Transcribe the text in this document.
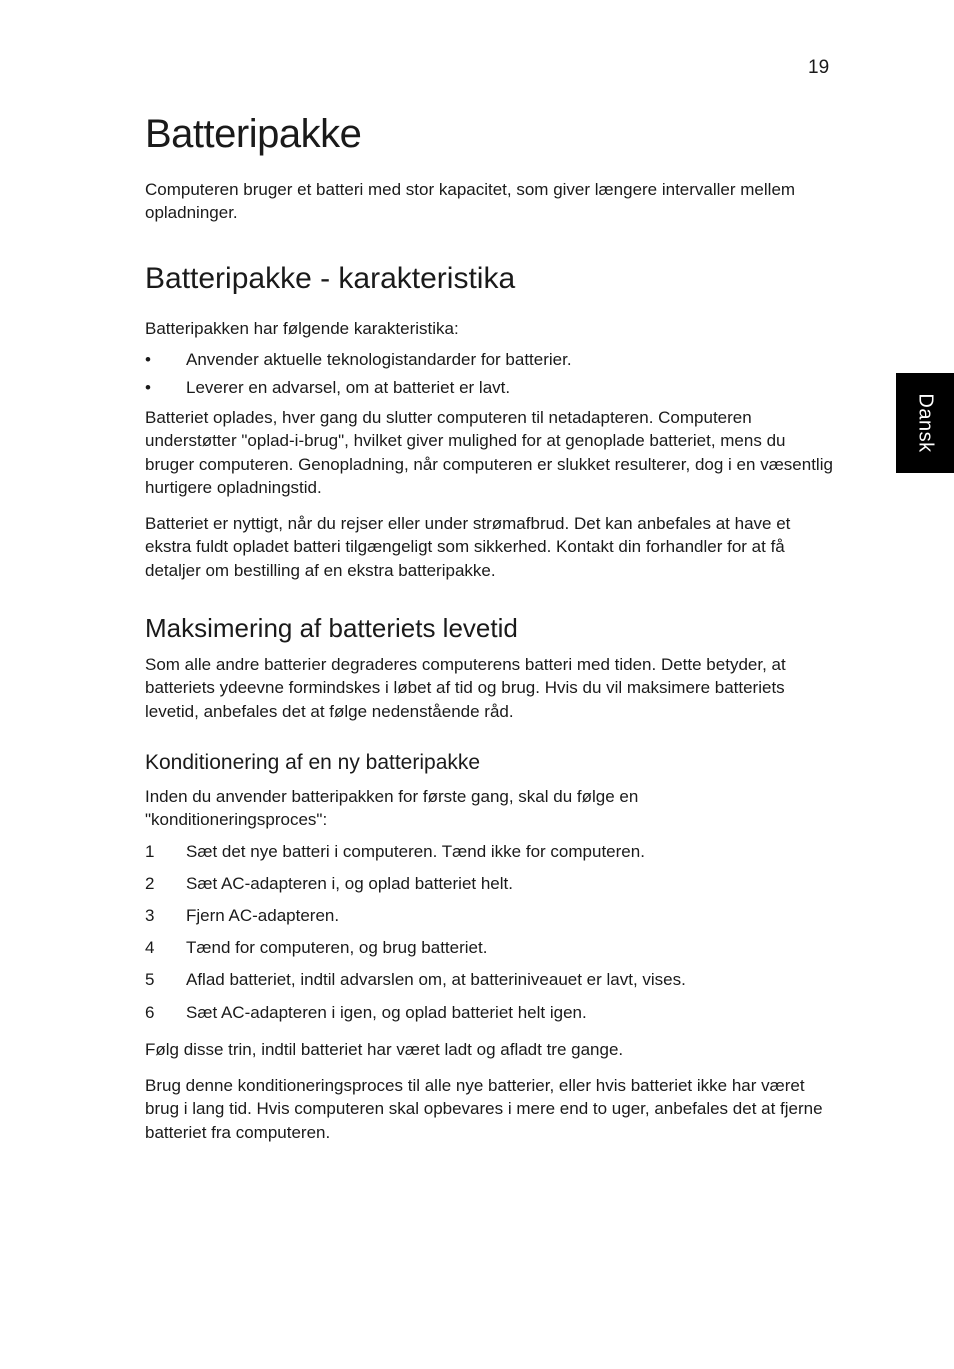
19
Dansk
Batteripakke

Computeren bruger et batteri med stor kapacitet, som giver længere intervaller mellem opladninger.

Batteripakke - karakteristika

Batteripakken har følgende karakteristika:

• Anvender aktuelle teknologistandarder for batterier.
• Leverer en advarsel, om at batteriet er lavt.

Batteriet oplades, hver gang du slutter computeren til netadapteren. Computeren understøtter "oplad-i-brug", hvilket giver mulighed for at genoplade batteriet, mens du bruger computeren. Genopladning, når computeren er slukket resulterer, dog i en væsentlig hurtigere opladningstid.

Batteriet er nyttigt, når du rejser eller under strømafbrud. Det kan anbefales at have et ekstra fuldt opladet batteri tilgængeligt som sikkerhed. Kontakt din forhandler for at få detaljer om bestilling af en ekstra batteripakke.

Maksimering af batteriets levetid

Som alle andre batterier degraderes computerens batteri med tiden. Dette betyder, at batteriets ydeevne formindskes i løbet af tid og brug. Hvis du vil maksimere batteriets levetid, anbefales det at følge nedenstående råd.

Konditionering af en ny batteripakke

Inden du anvender batteripakken for første gang, skal du følge en "konditioneringsproces":

1 Sæt det nye batteri i computeren. Tænd ikke for computeren.
2 Sæt AC-adapteren i, og oplad batteriet helt.
3 Fjern AC-adapteren.
4 Tænd for computeren, og brug batteriet.
5 Aflad batteriet, indtil advarslen om, at batteriniveauet er lavt, vises.
6 Sæt AC-adapteren i igen, og oplad batteriet helt igen.

Følg disse trin, indtil batteriet har været ladt og afladt tre gange.

Brug denne konditioneringsproces til alle nye batterier, eller hvis batteriet ikke har været brug i lang tid. Hvis computeren skal opbevares i mere end to uger, anbefales det at fjerne batteriet fra computeren.
